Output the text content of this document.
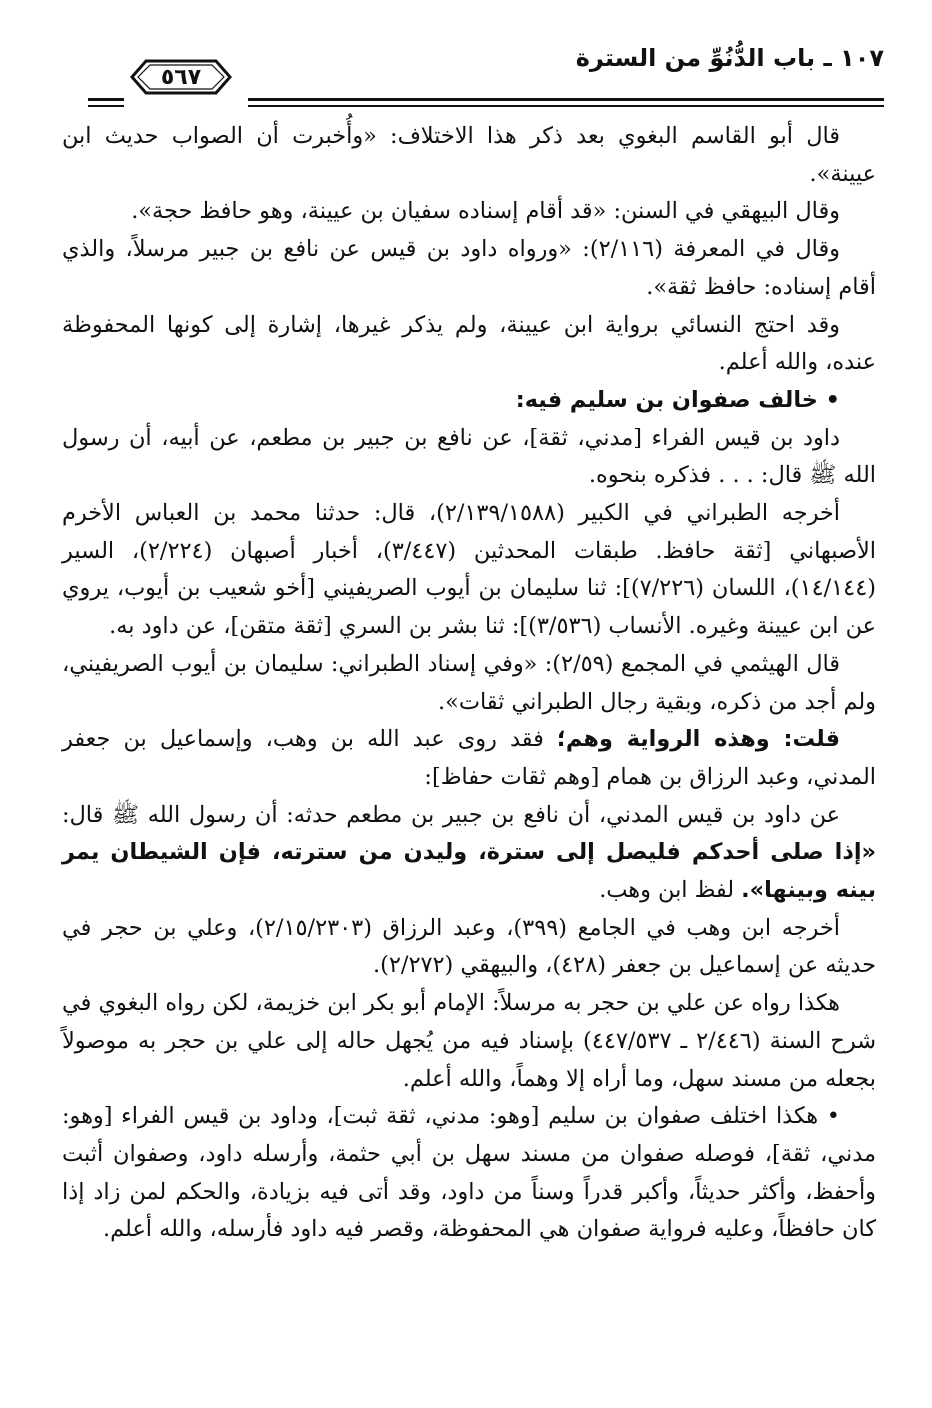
١٠٧ ـ باب الدُّنُوِّ من السترة
٥٦٧

قال أبو القاسم البغوي بعد ذكر هذا الاختلاف: «وأُخبرت أن الصواب حديث ابن عيينة».

وقال البيهقي في السنن: «قد أقام إسناده سفيان بن عيينة، وهو حافظ حجة».

وقال في المعرفة (٢/١١٦): «ورواه داود بن قيس عن نافع بن جبير مرسلاً، والذي أقام إسناده: حافظ ثقة».

وقد احتج النسائي برواية ابن عيينة، ولم يذكر غيرها، إشارة إلى كونها المحفوظة عنده، والله أعلم.

• خالف صفوان بن سليم فيه:

داود بن قيس الفراء [مدني، ثقة]، عن نافع بن جبير بن مطعم، عن أبيه، أن رسول الله ﷺ قال: . . . فذكره بنحوه.

أخرجه الطبراني في الكبير (٢/١٣٩/١٥٨٨)، قال: حدثنا محمد بن العباس الأخرم الأصبهاني [ثقة حافظ. طبقات المحدثين (٣/٤٤٧)، أخبار أصبهان (٢/٢٢٤)، السير (١٤/١٤٤)، اللسان (٧/٢٢٦)]: ثنا سليمان بن أيوب الصريفيني [أخو شعيب بن أيوب، يروي عن ابن عيينة وغيره. الأنساب (٣/٥٣٦)]: ثنا بشر بن السري [ثقة متقن]، عن داود به.

قال الهيثمي في المجمع (٢/٥٩): «وفي إسناد الطبراني: سليمان بن أيوب الصريفيني، ولم أجد من ذكره، وبقية رجال الطبراني ثقات».

قلت: وهذه الرواية وهم؛ فقد روى عبد الله بن وهب، وإسماعيل بن جعفر المدني، وعبد الرزاق بن همام [وهم ثقات حفاظ]:

عن داود بن قيس المدني، أن نافع بن جبير بن مطعم حدثه: أن رسول الله ﷺ قال: «إذا صلى أحدكم فليصل إلى سترة، وليدن من سترته، فإن الشيطان يمر بينه وبينها». لفظ ابن وهب.

أخرجه ابن وهب في الجامع (٣٩٩)، وعبد الرزاق (٢/١٥/٢٣٠٣)، وعلي بن حجر في حديثه عن إسماعيل بن جعفر (٤٢٨)، والبيهقي (٢/٢٧٢).

هكذا رواه عن علي بن حجر به مرسلاً: الإمام أبو بكر ابن خزيمة، لكن رواه البغوي في شرح السنة (٢/٤٤٦ ـ ٤٤٧/٥٣٧) بإسناد فيه من يُجهل حاله إلى علي بن حجر به موصولاً بجعله من مسند سهل، وما أراه إلا وهماً، والله أعلم.

• هكذا اختلف صفوان بن سليم [وهو: مدني، ثقة ثبت]، وداود بن قيس الفراء [وهو: مدني، ثقة]، فوصله صفوان من مسند سهل بن أبي حثمة، وأرسله داود، وصفوان أثبت وأحفظ، وأكثر حديثاً، وأكبر قدراً وسناً من داود، وقد أتى فيه بزيادة، والحكم لمن زاد إذا كان حافظاً، وعليه فرواية صفوان هي المحفوظة، وقصر فيه داود فأرسله، والله أعلم.
